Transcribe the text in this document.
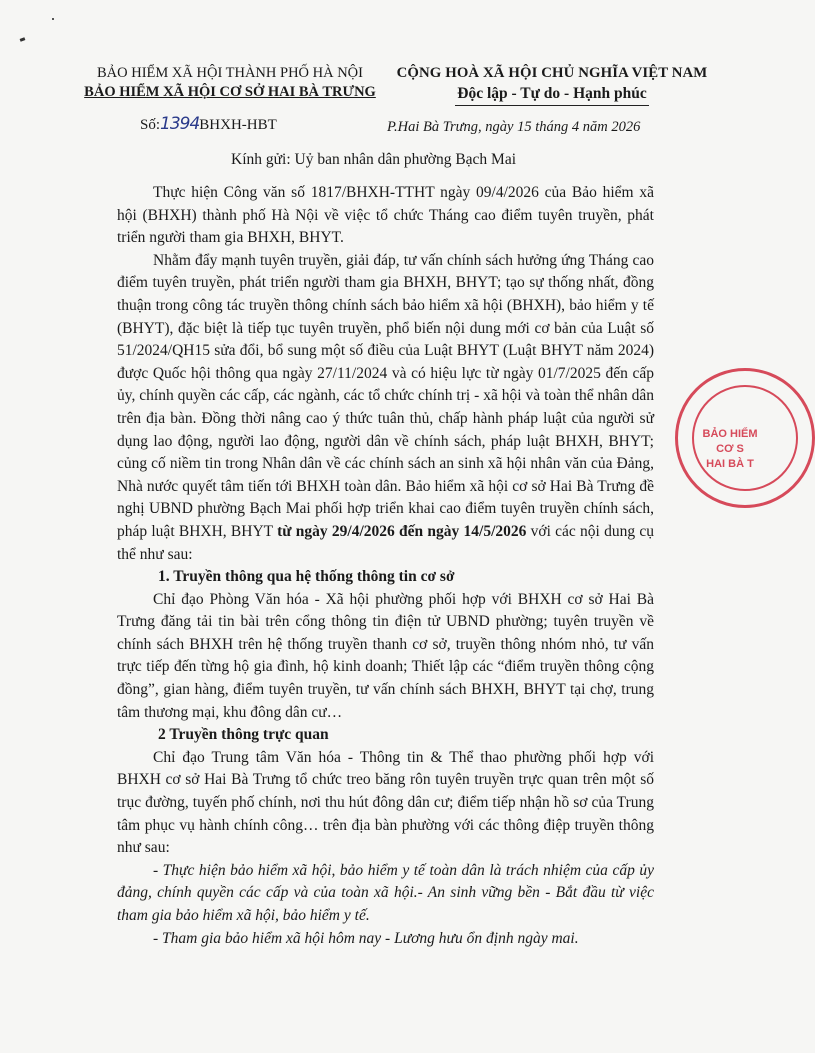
BẢO HIỂM XÃ HỘI THÀNH PHỐ HÀ NỘI
BẢO HIỂM XÃ HỘI CƠ SỞ HAI BÀ TRƯNG
CỘNG HOÀ XÃ HỘI CHỦ NGHĨA VIỆT NAM
Độc lập - Tự do - Hạnh phúc
Số:1394BHXH-HBT	P.Hai Bà Trưng, ngày 15 tháng 4 năm 2026
Kính gửi: Uỷ ban nhân dân phường Bạch Mai

Thực hiện Công văn số 1817/BHXH-TTHT ngày 09/4/2026 của Bảo hiểm xã hội (BHXH) thành phố Hà Nội về việc tổ chức Tháng cao điểm tuyên truyền, phát triển người tham gia BHXH, BHYT.

Nhằm đẩy mạnh tuyên truyền, giải đáp, tư vấn chính sách hưởng ứng Tháng cao điểm tuyên truyền, phát triển người tham gia BHXH, BHYT; tạo sự thống nhất, đồng thuận trong công tác truyền thông chính sách bảo hiểm xã hội (BHXH), bảo hiểm y tế (BHYT), đặc biệt là tiếp tục tuyên truyền, phổ biến nội dung mới cơ bản của Luật số 51/2024/QH15 sửa đổi, bổ sung một số điều của Luật BHYT (Luật BHYT năm 2024) được Quốc hội thông qua ngày 27/11/2024 và có hiệu lực từ ngày 01/7/2025 đến cấp ủy, chính quyền các cấp, các ngành, các tổ chức chính trị - xã hội và toàn thể nhân dân trên địa bàn. Đồng thời nâng cao ý thức tuân thủ, chấp hành pháp luật của người sử dụng lao động, người lao động, người dân về chính sách, pháp luật BHXH, BHYT; củng cố niềm tin trong Nhân dân về các chính sách an sinh xã hội nhân văn của Đảng, Nhà nước quyết tâm tiến tới BHXH toàn dân. Bảo hiểm xã hội cơ sở Hai Bà Trưng đề nghị UBND phường Bạch Mai phối hợp triển khai cao điểm tuyên truyền chính sách, pháp luật BHXH, BHYT từ ngày 29/4/2026 đến ngày 14/5/2026 với các nội dung cụ thể như sau:

1. Truyền thông qua hệ thống thông tin cơ sở

Chỉ đạo Phòng Văn hóa - Xã hội phường phối hợp với BHXH cơ sở Hai Bà Trưng đăng tải tin bài trên cổng thông tin điện tử UBND phường; tuyên truyền về chính sách BHXH trên hệ thống truyền thanh cơ sở, truyền thông nhóm nhỏ, tư vấn trực tiếp đến từng hộ gia đình, hộ kinh doanh; Thiết lập các “điểm truyền thông cộng đồng”, gian hàng, điểm tuyên truyền, tư vấn chính sách BHXH, BHYT tại chợ, trung tâm thương mại, khu đông dân cư…

2 Truyền thông trực quan

Chỉ đạo Trung tâm Văn hóa - Thông tin & Thể thao phường phối hợp với BHXH cơ sở Hai Bà Trưng tổ chức treo băng rôn tuyên truyền trực quan trên một số trục đường, tuyến phố chính, nơi thu hút đông dân cư; điểm tiếp nhận hồ sơ của Trung tâm phục vụ hành chính công… trên địa bàn phường với các thông điệp truyền thông như sau:

- Thực hiện bảo hiểm xã hội, bảo hiểm y tế toàn dân là trách nhiệm của cấp ủy đảng, chính quyền các cấp và của toàn xã hội.- An sinh vững bền - Bắt đầu từ việc tham gia bảo hiểm xã hội, bảo hiểm y tế.

- Tham gia bảo hiểm xã hội hôm nay - Lương hưu ổn định ngày mai.

BẢO HIỂM
CƠ S
HAI BÀ T
